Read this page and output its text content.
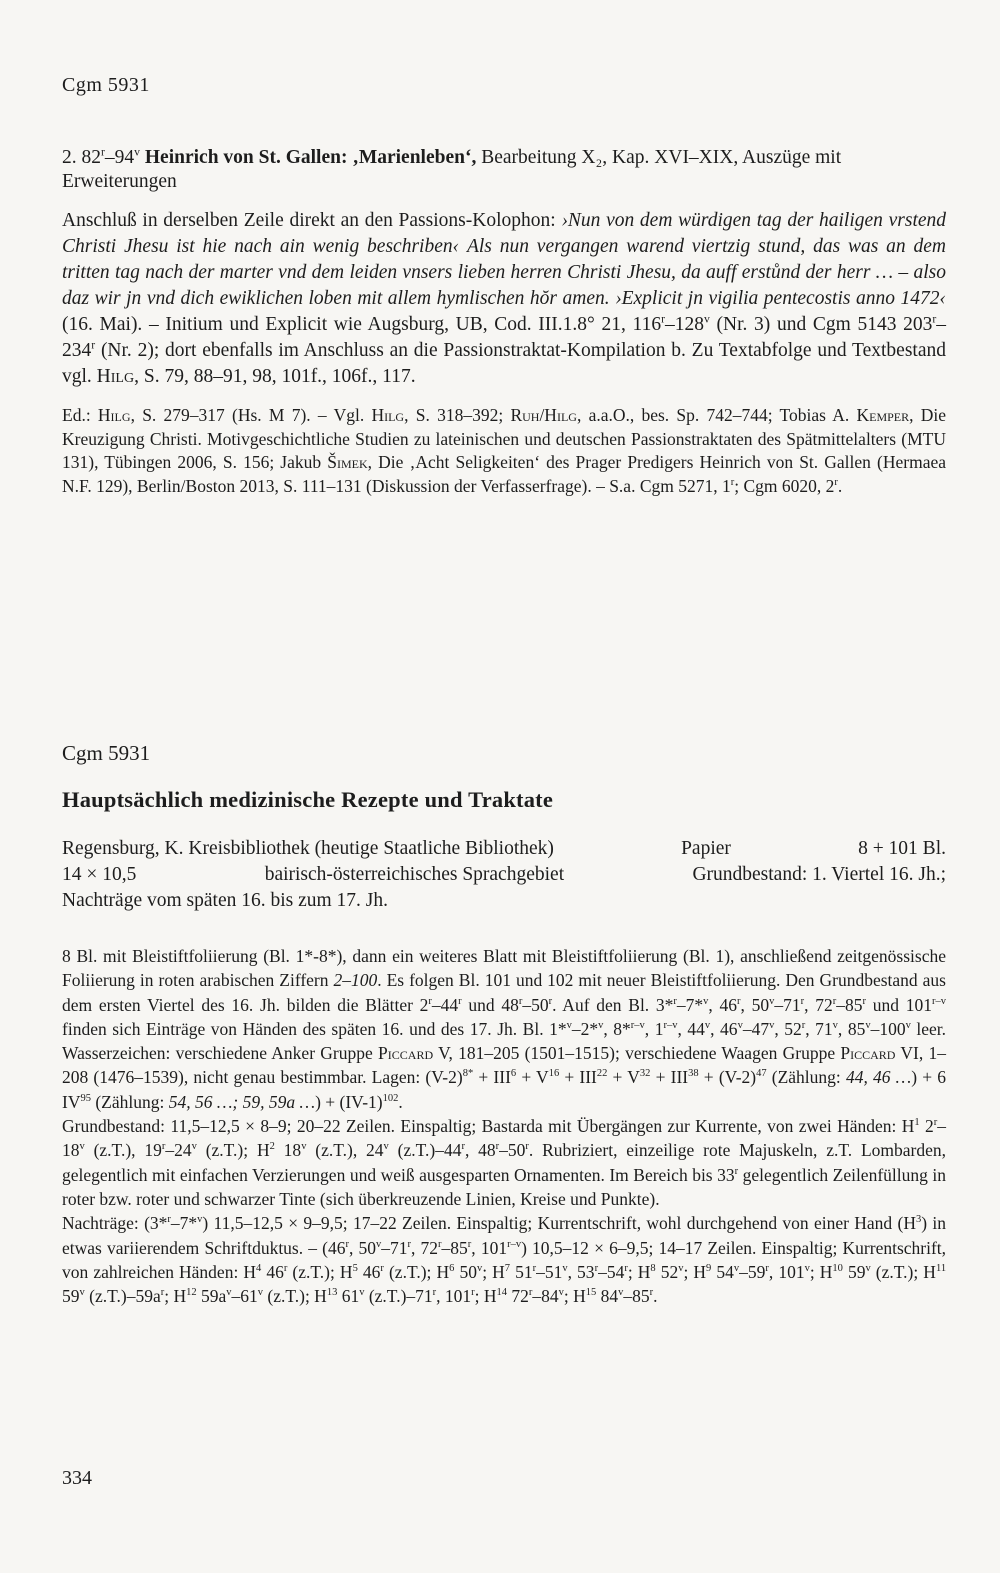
Cgm 5931
2. 82$^r$–94$^v$ Heinrich von St. Gallen: ‚Marienleben‘, Bearbeitung X₂, Kap. XVI–XIX, Auszüge mit Erweiterungen
Anschluß in derselben Zeile direkt an den Passions-Kolophon: ›Nun von dem würdigen tag der hailigen vrstend Christi Jhesu ist hie nach ain wenig beschriben‹ Als nun vergangen warend viertzig stund, das was an dem tritten tag nach der marter vnd dem leiden vnsers lieben herren Christi Jhesu, da auff erstůnd der herr … – also daz wir jn vnd dich ewiklichen loben mit allem hymlischen hŏr amen. ›Explicit jn vigilia pentecostis anno 1472‹ (16. Mai). – Initium und Explicit wie Augsburg, UB, Cod. III.1.8° 21, 116$^r$–128$^v$ (Nr. 3) und Cgm 5143 203$^r$–234$^r$ (Nr. 2); dort ebenfalls im Anschluss an die Passionstraktat-Kompilation b. Zu Textabfolge und Textbestand vgl. Hilg, S. 79, 88–91, 98, 101f., 106f., 117.
Ed.: Hilg, S. 279–317 (Hs. M 7). – Vgl. Hilg, S. 318–392; Ruh/Hilg, a.a.O., bes. Sp. 742–744; Tobias A. Kemper, Die Kreuzigung Christi. Motivgeschichtliche Studien zu lateinischen und deutschen Passionstraktaten des Spätmittelalters (MTU 131), Tübingen 2006, S. 156; Jakub Šimek, Die ‚Acht Seligkeiten‘ des Prager Predigers Heinrich von St. Gallen (Hermaea N.F. 129), Berlin/Boston 2013, S. 111–131 (Diskussion der Verfasserfrage). – S.a. Cgm 5271, 1$^r$; Cgm 6020, 2$^r$.
Cgm 5931
Hauptsächlich medizinische Rezepte und Traktate
Regensburg, K. Kreisbibliothek (heutige Staatliche Bibliothek)	Papier	8 + 101 Bl.
14 × 10,5	bairisch-österreichisches Sprachgebiet	Grundbestand: 1. Viertel 16. Jh.;
Nachträge vom späten 16. bis zum 17. Jh.

8 Bl. mit Bleistiftfoliierung (Bl. 1*-8*), dann ein weiteres Blatt mit Bleistiftfoliierung (Bl. 1), anschließend zeitgenössische Foliierung in roten arabischen Ziffern 2–100. Es folgen Bl. 101 und 102 mit neuer Bleistiftfoliierung. Den Grundbestand aus dem ersten Viertel des 16. Jh. bilden die Blätter 2$^r$–44$^r$ und 48$^r$–50$^r$. Auf den Bl. 3*$^r$–7*$^v$, 46$^r$, 50$^v$–71$^r$, 72$^r$–85$^r$ und 101$^{r-v}$ finden sich Einträge von Händen des späten 16. und des 17. Jh. Bl. 1*$^v$–2*$^v$, 8*$^{r-v}$, 1$^{r-v}$, 44$^v$, 46$^v$–47$^v$, 52$^r$, 71$^v$, 85$^v$–100$^v$ leer. Wasserzeichen: verschiedene Anker Gruppe Piccard V, 181–205 (1501–1515); verschiedene Waagen Gruppe Piccard VI, 1–208 (1476–1539), nicht genau bestimmbar. Lagen: $(V-2)^{8*} + III^6 + V^{16} + III^{22} + V^{32} + III^{38} + (V-2)^{47}$ (Zählung: 44, 46 …) + 6 IV$^{95}$ (Zählung: 54, 56 …; 59, 59a …) + $(IV-1)^{102}$.

Grundbestand: 11,5–12,5 × 8–9; 20–22 Zeilen. Einspaltig; Bastarda mit Übergängen zur Kurrente, von zwei Händen: $H^1$ 2$^r$–18$^v$ (z.T.), 19$^r$–24$^v$ (z.T.); $H^2$ 18$^v$ (z.T.), 24$^v$ (z.T.)–44$^r$, 48$^r$–50$^r$. Rubriziert, einzeilige rote Majuskeln, z.T. Lombarden, gelegentlich mit einfachen Verzierungen und weiß ausgesparten Ornamenten. Im Bereich bis 33$^r$ gelegentlich Zeilenfüllung in roter bzw. roter und schwarzer Tinte (sich überkreuzende Linien, Kreise und Punkte).

Nachträge: (3*$^r$–7*$^v$) 11,5–12,5 × 9–9,5; 17–22 Zeilen. Einspaltig; Kurrentschrift, wohl durchgehend von einer Hand $(H^3)$ in etwas variierendem Schriftduktus. – (46$^r$, 50$^v$–71$^r$, 72$^r$–85$^r$, 101$^{r-v}$) 10,5–12 × 6–9,5; 14–17 Zeilen. Einspaltig; Kurrentschrift, von zahlreichen Händen: $H^4$ 46$^r$ (z.T.); $H^5$ 46$^r$ (z.T.); $H^6$ 50$^v$; $H^7$ 51$^r$–51$^v$, 53$^r$–54$^r$; $H^8$ 52$^v$; $H^9$ 54$^v$–59$^r$, 101$^v$; $H^{10}$ 59$^v$ (z.T.); $H^{11}$ 59$^v$ $(z.T.)-59a^r$; $H^{12}$ $59a^v-61^v$ (z.T.); $H^{13}$ 61$^v$ (z.T.)–71$^r$, 101$^r$; $H^{14}$ 72$^r$–84$^v$; $H^{15}$ 84$^v$–85$^r$.

334
